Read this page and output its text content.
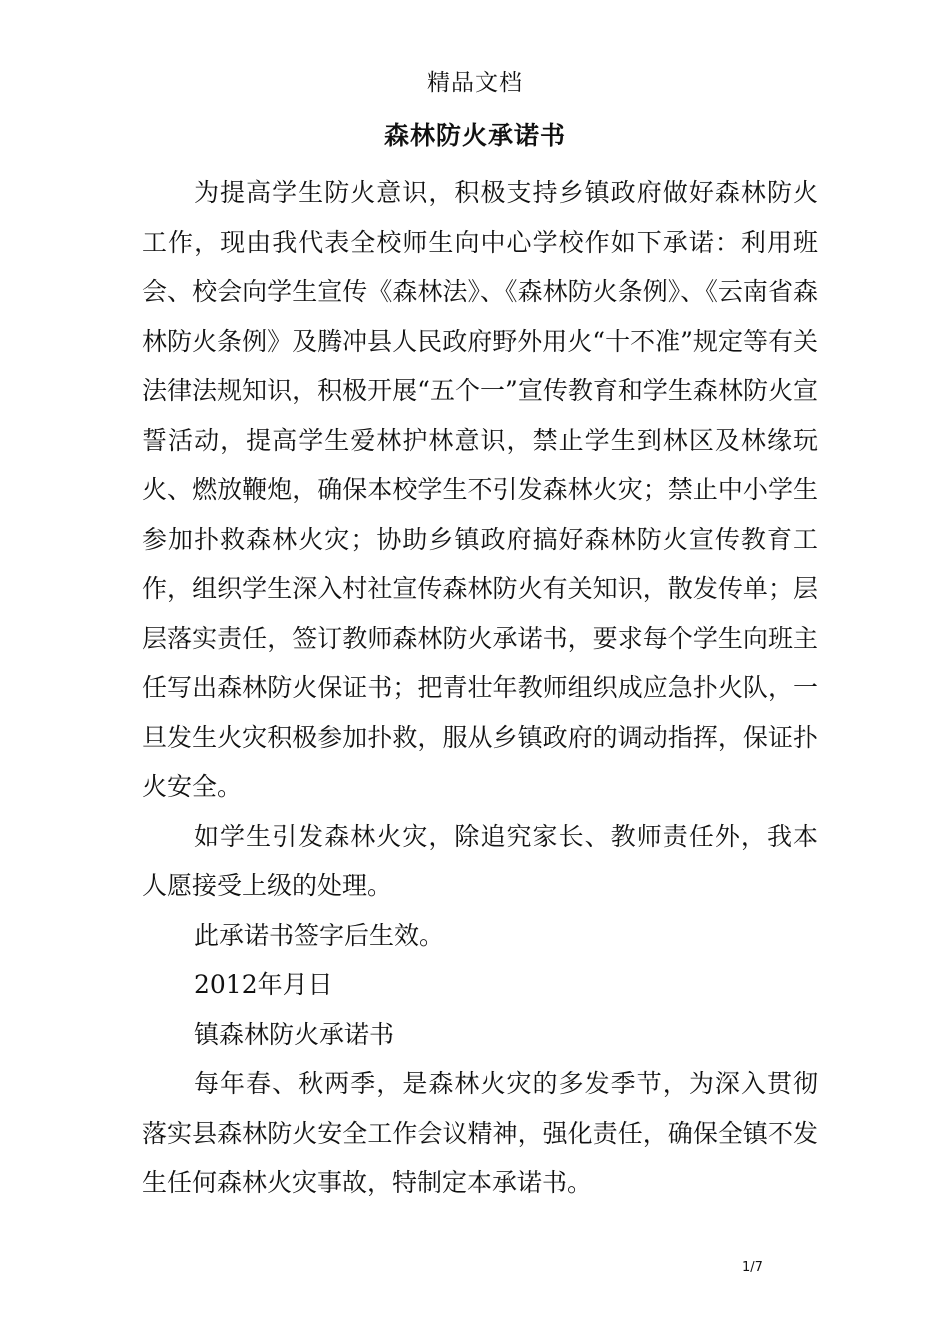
精品文档
森林防火承诺书

为提高学生防火意识，积极支持乡镇政府做好森林防火工作，现由我代表全校师生向中心学校作如下承诺：利用班会、校会向学生宣传《森林法》、《森林防火条例》、《云南省森林防火条例》及腾冲县人民政府野外用火“十不准”规定等有关法律法规知识，积极开展“五个一”宣传教育和学生森林防火宣誓活动，提高学生爱林护林意识，禁止学生到林区及林缘玩火、燃放鞭炮，确保本校学生不引发森林火灾；禁止中小学生参加扑救森林火灾；协助乡镇政府搞好森林防火宣传教育工作，组织学生深入村社宣传森林防火有关知识，散发传单；层层落实责任，签订教师森林防火承诺书，要求每个学生向班主任写出森林防火保证书；把青壮年教师组织成应急扑火队，一旦发生火灾积极参加扑救，服从乡镇政府的调动指挥，保证扑火安全。

如学生引发森林火灾，除追究家长、教师责任外，我本人愿接受上级的处理。

此承诺书签字后生效。

2012年月日

镇森林防火承诺书

每年春、秋两季，是森林火灾的多发季节，为深入贯彻落实县森林防火安全工作会议精神，强化责任，确保全镇不发生任何森林火灾事故，特制定本承诺书。

1/7
